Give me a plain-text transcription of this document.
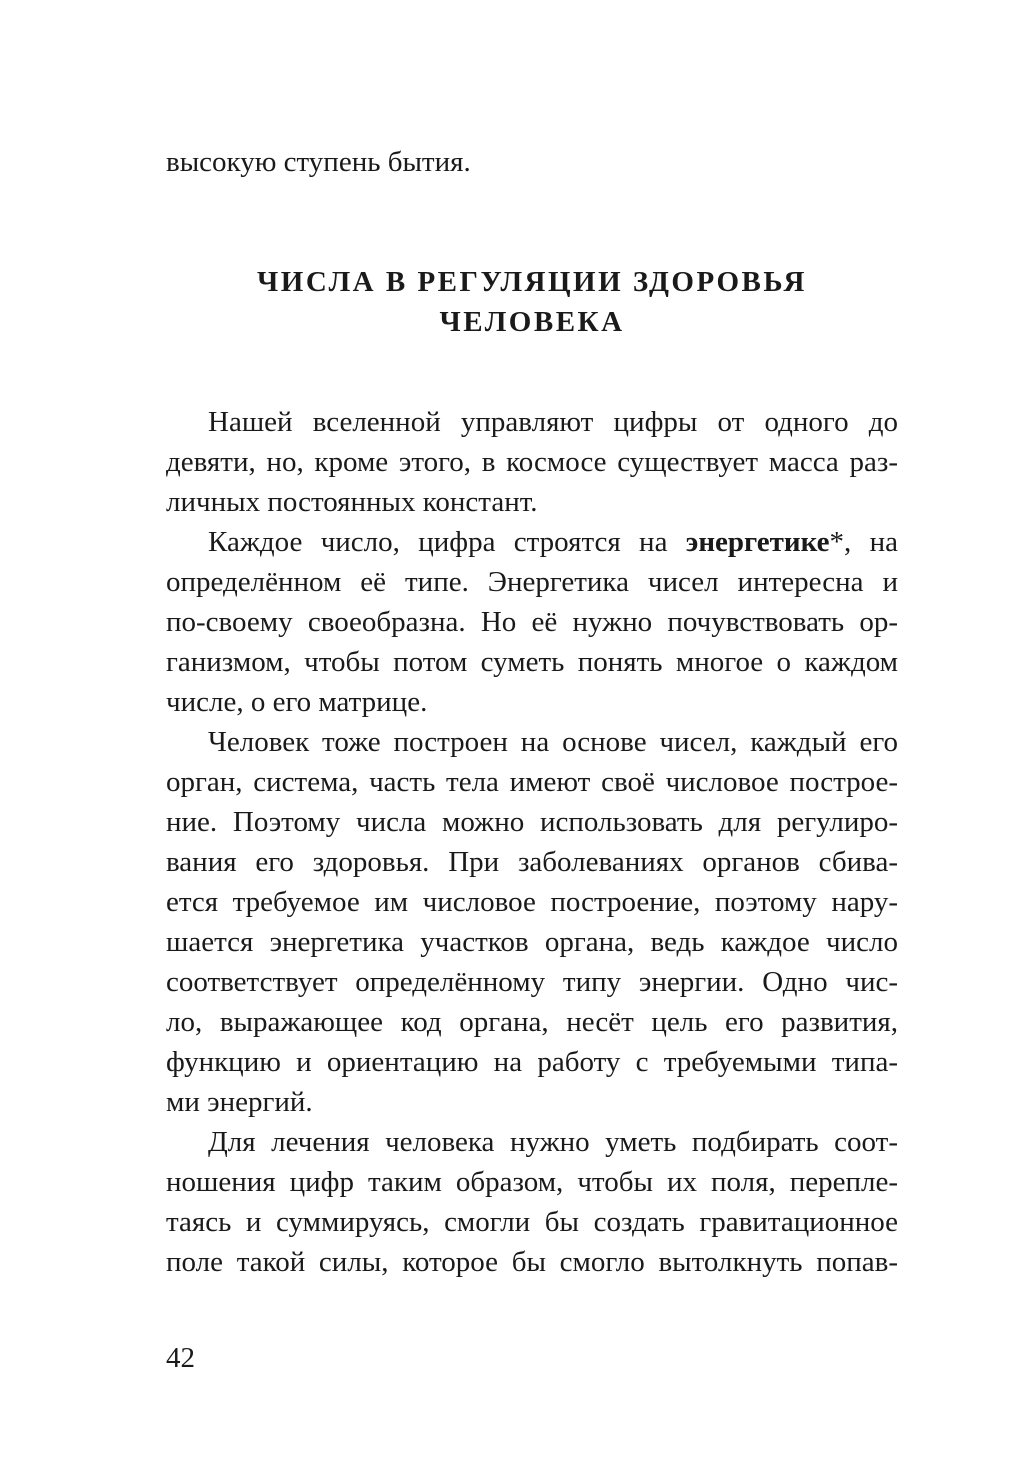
высокую ступень бытия.
ЧИСЛА В РЕГУЛЯЦИИ ЗДОРОВЬЯ
ЧЕЛОВЕКА
Нашей вселенной управляют цифры от одного до
девяти, но, кроме этого, в космосе существует масса раз-
личных постоянных констант.
Каждое число, цифра строятся на энергетике*, на
определённом её типе. Энергетика чисел интересна и
по-своему своеобразна. Но её нужно почувствовать ор-
ганизмом, чтобы потом суметь понять многое о каждом
числе, о его матрице.
Человек тоже построен на основе чисел, каждый его
орган, система, часть тела имеют своё числовое построе-
ние. Поэтому числа можно использовать для регулиро-
вания его здоровья. При заболеваниях органов сбива-
ется требуемое им числовое построение, поэтому нару-
шается энергетика участков органа, ведь каждое число
соответствует определённому типу энергии. Одно чис-
ло, выражающее код органа, несёт цель его развития,
функцию и ориентацию на работу с требуемыми типа-
ми энергий.
Для лечения человека нужно уметь подбирать соот-
ношения цифр таким образом, чтобы их поля, перепле-
таясь и суммируясь, смогли бы создать гравитационное
поле такой силы, которое бы смогло вытолкнуть попав-
42
